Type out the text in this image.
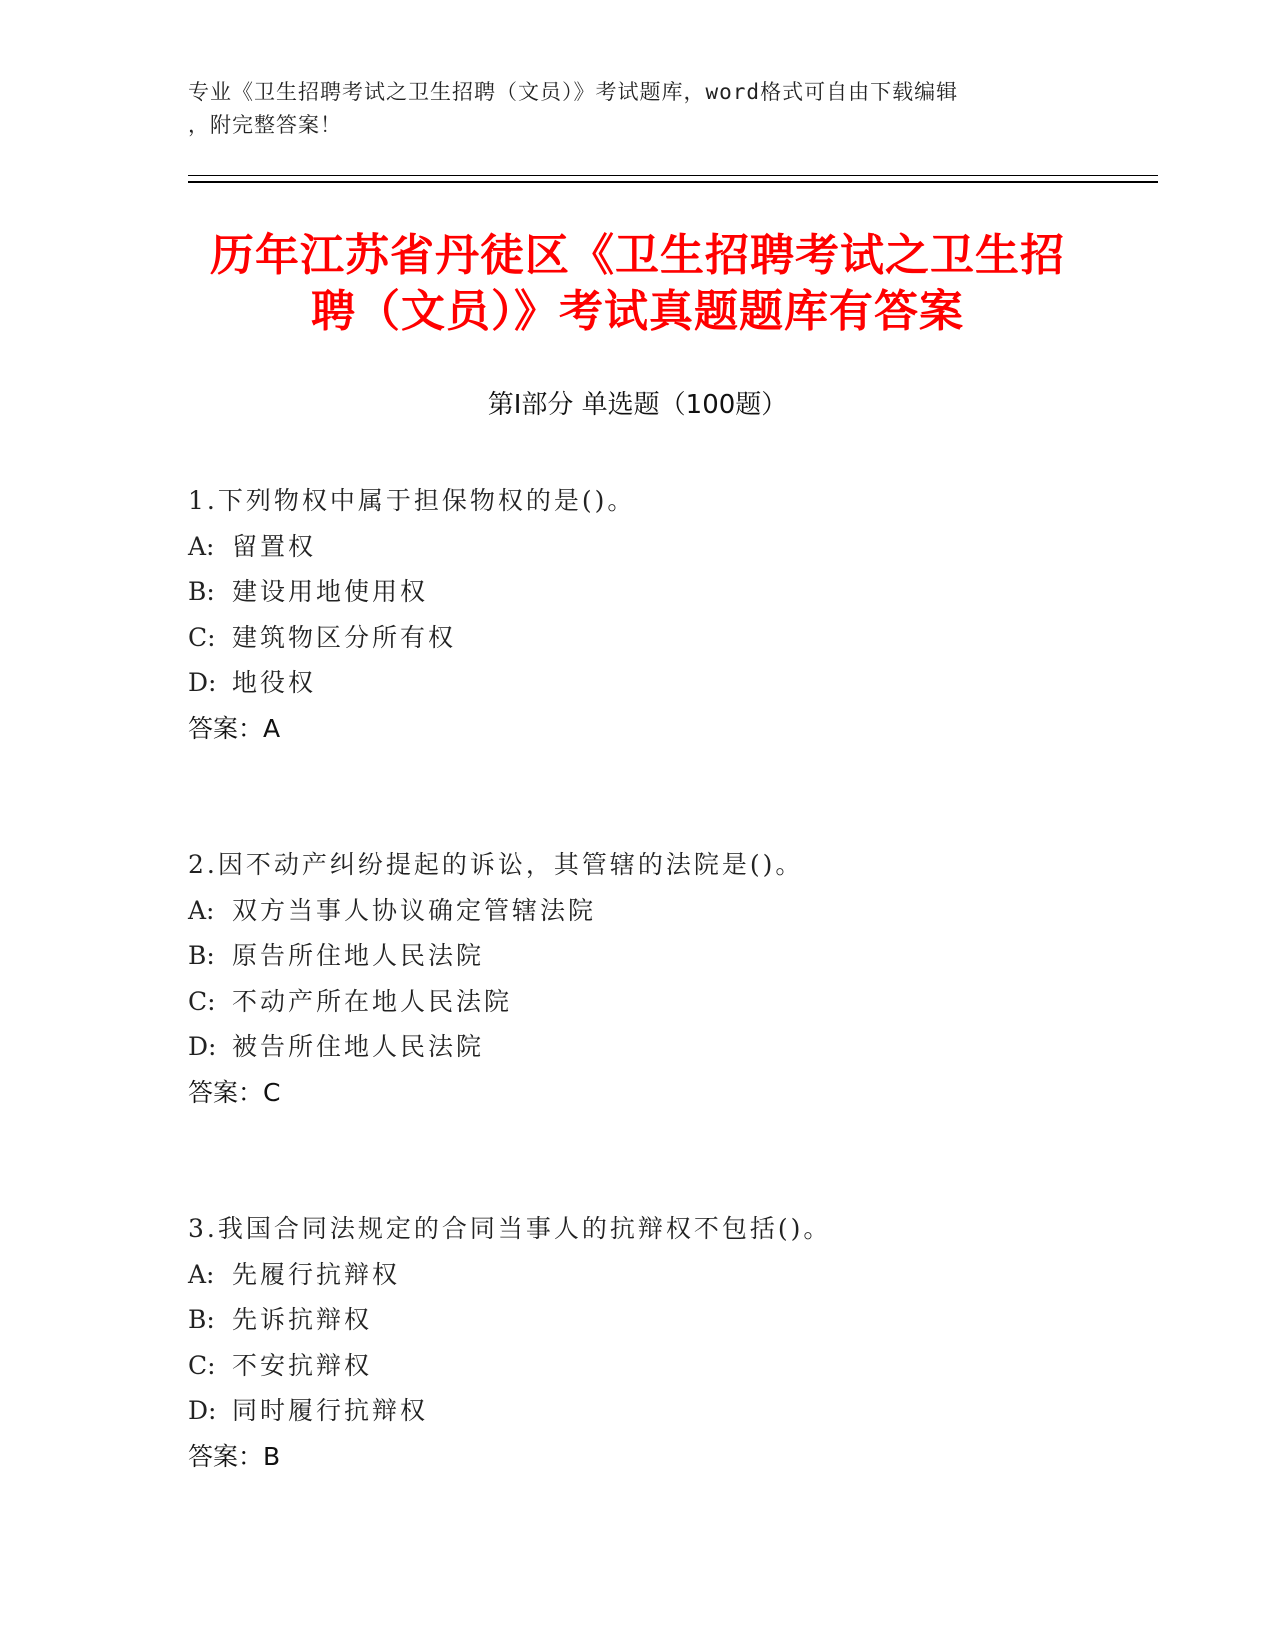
专业《卫生招聘考试之卫生招聘（文员）》考试题库，word格式可自由下载编辑
，附完整答案！
历年江苏省丹徒区《卫生招聘考试之卫生招
聘（文员）》考试真题题库有答案
第Ⅰ部分 单选题（100题）
1.下列物权中属于担保物权的是()。
A: 留置权
B: 建设用地使用权
C: 建筑物区分所有权
D: 地役权
答案：A
2.因不动产纠纷提起的诉讼，其管辖的法院是()。
A: 双方当事人协议确定管辖法院
B: 原告所住地人民法院
C: 不动产所在地人民法院
D: 被告所住地人民法院
答案：C
3.我国合同法规定的合同当事人的抗辩权不包括()。
A: 先履行抗辩权
B: 先诉抗辩权
C: 不安抗辩权
D: 同时履行抗辩权
答案：B
